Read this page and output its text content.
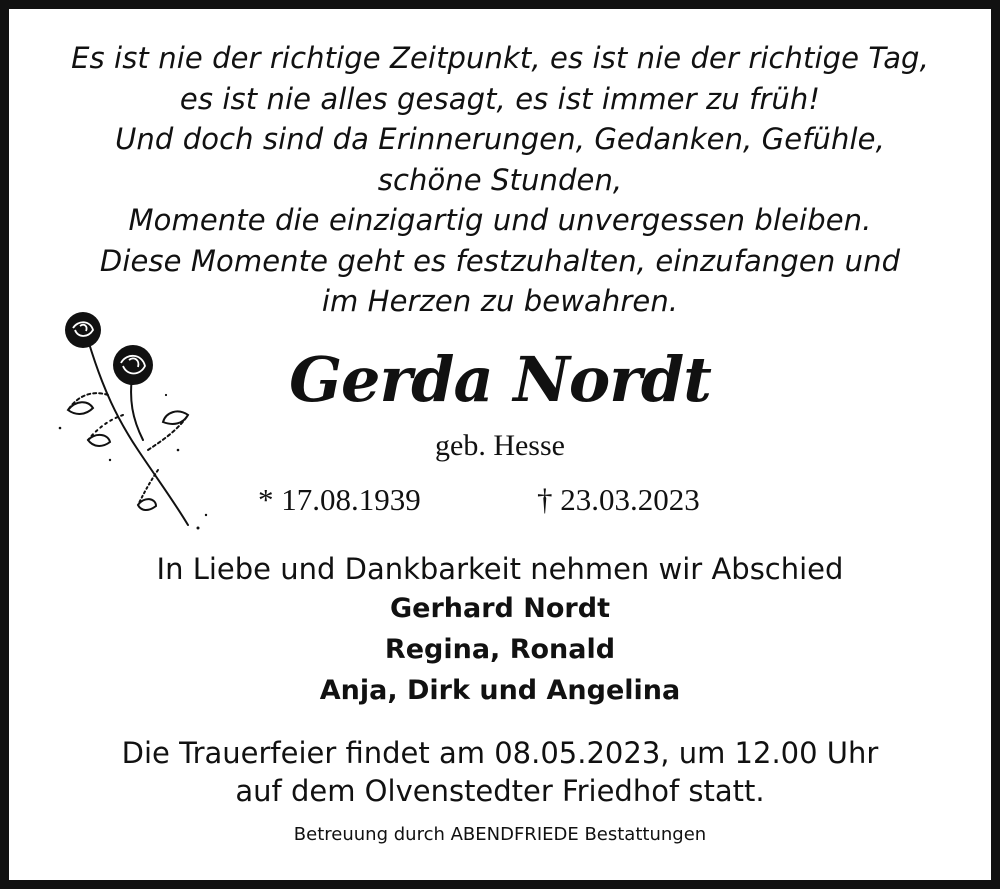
Es ist nie der richtige Zeitpunkt, es ist nie der richtige Tag,
es ist nie alles gesagt, es ist immer zu früh!
Und doch sind da Erinnerungen, Gedanken, Gefühle,
schöne Stunden,
Momente die einzigartig und unvergessen bleiben.
Diese Momente geht es festzuhalten, einzufangen und
im Herzen zu bewahren.
Gerda Nordt
geb. Hesse
* 17.08.1939	† 23.03.2023
In Liebe und Dankbarkeit nehmen wir Abschied
Gerhard Nordt
Regina, Ronald
Anja, Dirk und Angelina
Die Trauerfeier findet am 08.05.2023, um 12.00 Uhr
auf dem Olvenstedter Friedhof statt.
Betreuung durch ABENDFRIEDE Bestattungen
